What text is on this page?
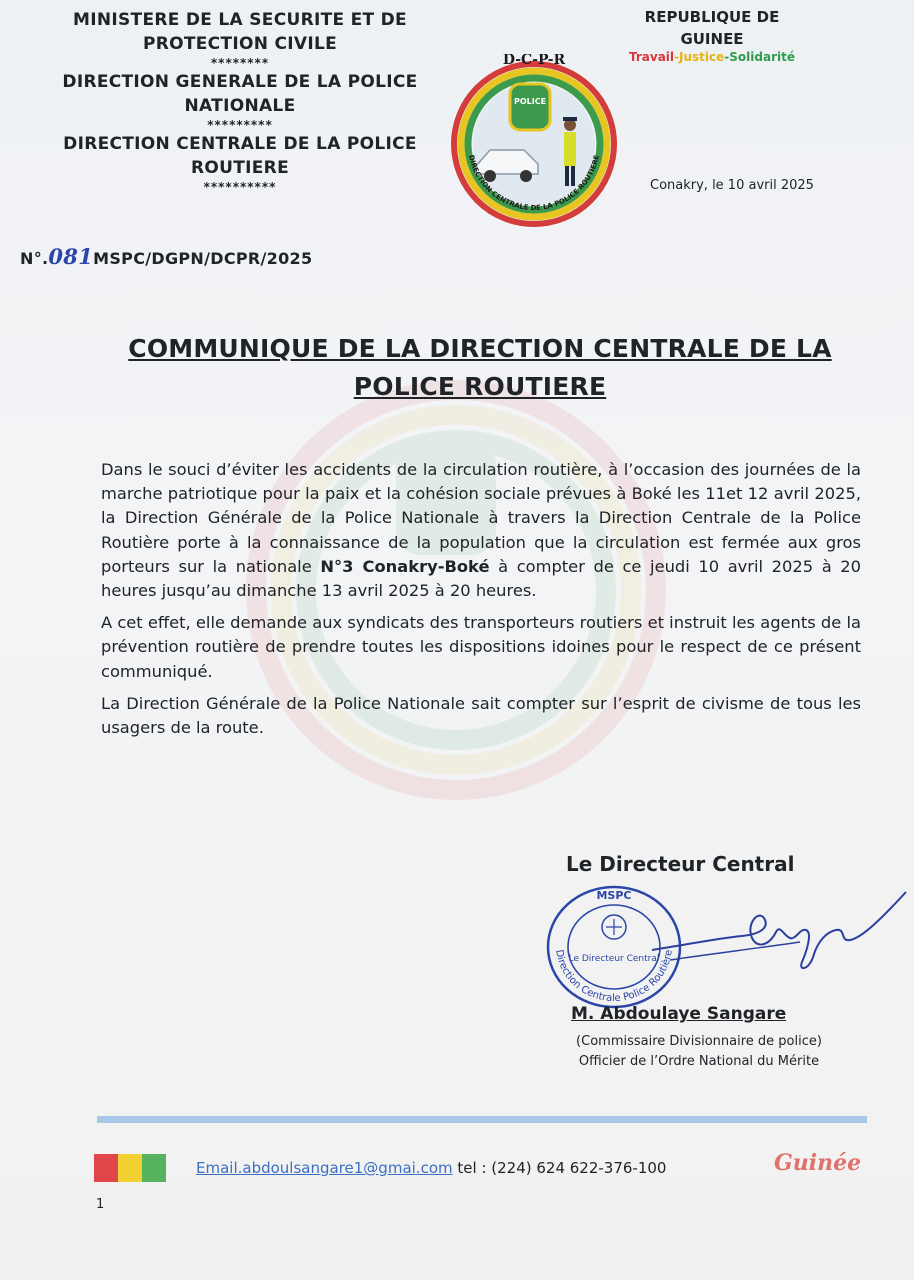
MINISTERE DE LA SECURITE ET DE PROTECTION CIVILE
********
DIRECTION GENERALE DE LA POLICE NATIONALE
*********
DIRECTION CENTRALE DE LA POLICE ROUTIERE
**********
N°.081MSPC/DGPN/DCPR/2025
REPUBLIQUE DE GUINEE
Travail-Justice-Solidarité
Conakry, le 10 avril 2025
POLICE
D-C-P-R
DIRECTION CENTRALE DE LA POLICE ROUTIERE
COMMUNIQUE DE LA DIRECTION CENTRALE DE LA
POLICE ROUTIERE

Dans le souci d’éviter les accidents de la circulation routière, à l’occasion des journées de la marche patriotique pour la paix et la cohésion sociale prévues à Boké les 11et 12 avril 2025, la Direction Générale de la Police Nationale à travers la Direction Centrale de la Police Routière porte à la connaissance de la population que la circulation est fermée aux gros porteurs sur la nationale N°3 Conakry-Boké à compter de ce jeudi 10 avril 2025 à 20 heures jusqu’au dimanche 13 avril 2025 à 20 heures.

A cet effet, elle demande aux syndicats des transporteurs routiers et instruit les agents de la prévention routière de prendre toutes les dispositions idoines pour le respect de ce présent communiqué.

La Direction Générale de la Police Nationale sait compter sur l’esprit de civisme de tous les usagers de la route.

Le Directeur Central
MSPC
Direction Centrale Police Routière
Le Directeur Central
M. Abdoulaye Sangare
(Commissaire Divisionnaire de police)
Officier de l’Ordre National du Mérite
Email.abdoulsangare1@gmai.com tel : (224) 624 622-376-100	Guinée
1
